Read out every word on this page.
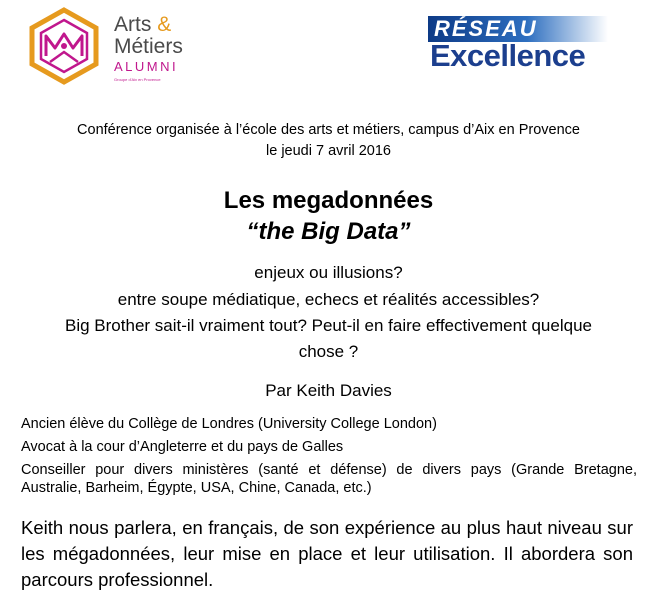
Arts &
Métiers
ALUMNI
Groupe d'Aix en Provence
RÉSEAU
Excellence
Conférence organisée à l’école des arts et métiers, campus d’Aix en Provence
le jeudi 7 avril 2016
Les megadonnées
“the Big Data”
enjeux ou illusions?
entre soupe médiatique, echecs et réalités accessibles?
Big Brother sait-il vraiment tout? Peut-il en faire effectivement quelque
chose ?
Par Keith Davies
Ancien élève du Collège de Londres (University College London)
Avocat à la cour d’Angleterre et du pays de Galles
Conseiller pour divers ministères (santé et défense) de divers pays (Grande Bretagne, Australie, Barheim, Égypte, USA, Chine, Canada, etc.)
Keith nous parlera, en français, de son expérience au plus haut niveau sur les mégadonnées, leur mise en place et leur utilisation. Il abordera son parcours professionnel.
